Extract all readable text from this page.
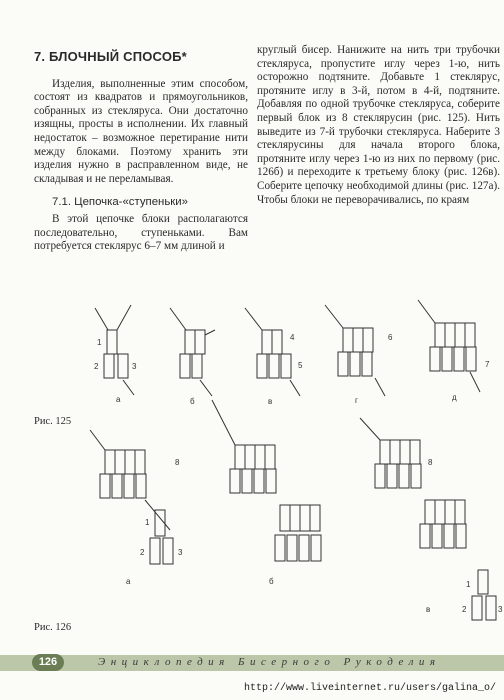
7. БЛОЧНЫЙ СПОСОБ*

Изделия, выполненные этим способом, состоят из квадратов и прямоугольников, собранных из стекляруса. Они достаточно изящны, просты в исполнении. Их главный недостаток – возможное перетирание нити между блоками. Поэтому хранить эти изделия нужно в расправленном виде, не складывая и не переламывая.

7.1. Цепочка-«ступеньки»

В этой цепочке блоки располагаются последовательно, ступеньками. Вам потребуется стеклярус 6–7 мм длиной и

круглый бисер. Нанижите на нить три трубочки стекляруса, пропустите иглу через 1-ю, нить осторожно подтяните. Добавьте 1 стеклярус, протяните иглу в 3-й, потом в 4-й, подтяните. Добавляя по одной трубочке стекляруса, соберите первый блок из 8 стеклярусин (рис. 125). Нить выведите из 7-й трубочки стекляруса. Наберите 3 стеклярусины для начала второго блока, протяните иглу через 1-ю из них по первому (рис. 126б) и переходите к третьему блоку (рис. 126в). Соберите цепочку необходимой длины (рис. 127а). Чтобы блоки не переворачивались, по краям

1
2	3
4
5
6
7
а	б	в	г	д
8
1
2	3
8
1
2	3
а	б
в
Рис. 125
Рис. 126
126	Энциклопедия Бисерного Рукоделия
http://www.liveinternet.ru/users/galina_o/
